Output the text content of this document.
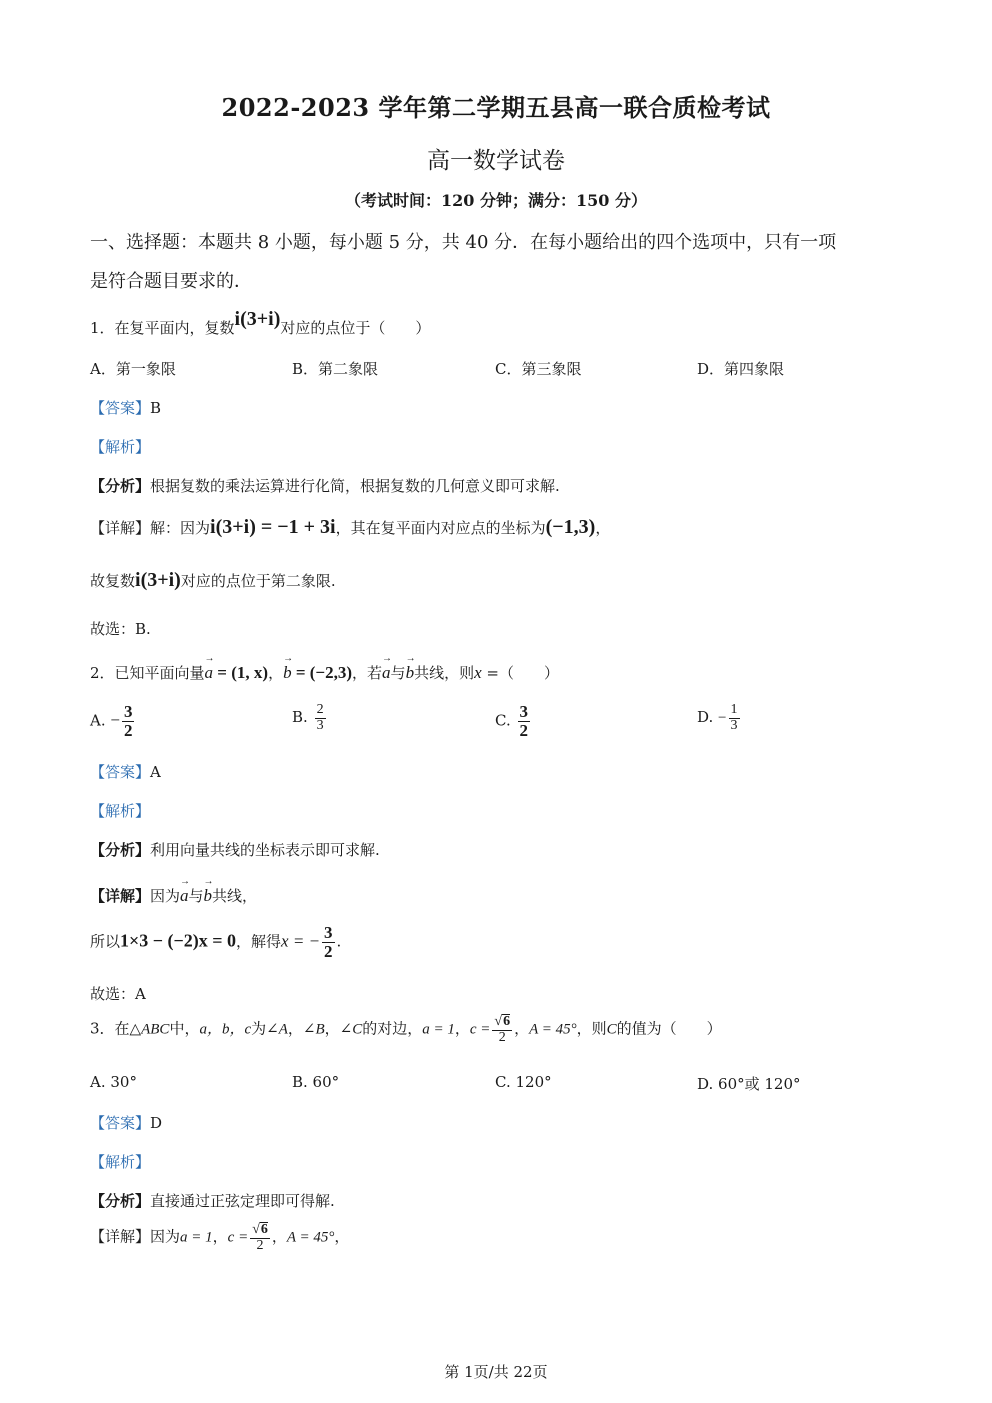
2022-2023 学年第二学期五县高一联合质检考试
高一数学试卷
（考试时间：120 分钟；满分：150 分）
一、选择题：本题共 8 小题，每小题 5 分，共 40 分．在每小题给出的四个选项中，只有一项
是符合题目要求的．
1．在复平面内，复数i(3+i)对应的点位于（　　）
A．第一象限	B．第二象限	C．第三象限	D．第四象限
【答案】B
【解析】
【分析】根据复数的乘法运算进行化简，根据复数的几何意义即可求解.
【详解】解：因为i(3+i) = −1 + 3i，其在复平面内对应点的坐标为(−1,3)，
故复数i(3+i)对应的点位于第二象限.
故选：B.
2．已知平面向量→ a = (1, x)，→ b = (−2,3)，若→ a与→ b共线，则x =（　　）
A. − $\frac{3}{2}$	B. $\frac{2}{3}$	C. $\frac{3}{2}$	D. − $\frac{1}{3}$
【答案】A
【解析】
【分析】利用向量共线的坐标表示即可求解.
【详解】因为→ a与→ b共线，
所以1×3 − (−2)x = 0，解得x = − $\frac{3}{2}$ .
故选：A
3．在△ABC中，a，b，c为∠A，∠B，∠C的对边，a = 1，$c = \frac{√6}{2}$ ，A = 45°，则C的值为（　　）
A. 30°	B. 60°	C. 120°	D. 60°或 120°
【答案】D
【解析】
【分析】直接通过正弦定理即可得解.
【详解】因为a = 1，$c = \frac{√6}{2}$ ，A = 45°，
第 1页/共 22页
